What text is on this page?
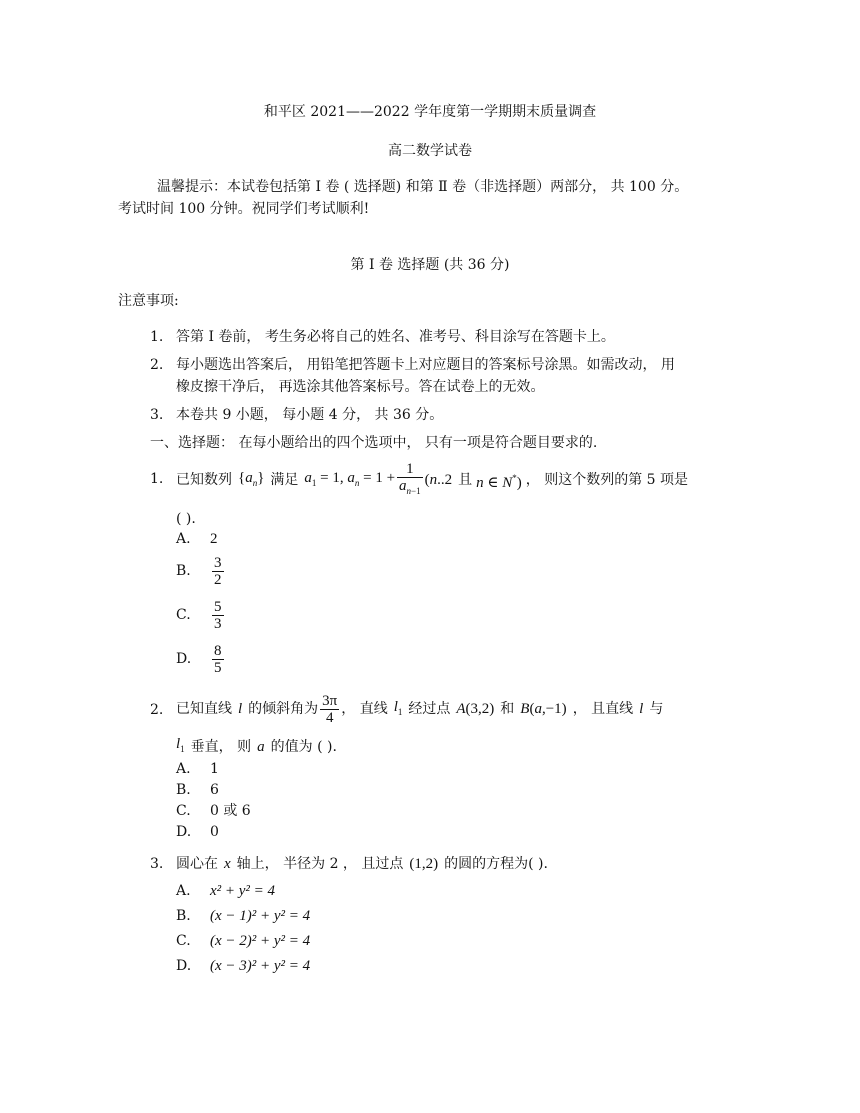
和平区 2021——2022 学年度第一学期期末质量调查
高二数学试卷
温馨提示：本试卷包括第 Ⅰ 卷 ( 选择题) 和第 Ⅱ 卷（非选择题）两部分， 共 100 分。
考试时间 100 分钟。祝同学们考试顺利!
第 Ⅰ 卷 选择题 (共 36 分)
注意事项:
1. 答第 Ⅰ 卷前， 考生务必将自己的姓名、准考号、科目涂写在答题卡上。
2. 每小题选出答案后， 用铅笔把答题卡上对应题目的答案标号涂黑。如需改动， 用
橡皮擦干净后， 再选涂其他答案标号。答在试卷上的无效。
3. 本卷共 9 小题， 每小题 4 分， 共 36 分。
一、选择题： 在每小题给出的四个选项中， 只有一项是符合题目要求的.
1. 已知数列 $\{a_n\}$ 满足 $a_1 = 1$, $a_n = 1 + \frac{1}{a_{n-1}} (n..2$ 且 n ∈ N*) ， 则这个数列的第 5 项是
( ).
A. 2
B.	$\frac{3}{2}$
C.	$\frac{5}{3}$
D.	$\frac{8}{5}$
2. 已知直线 l 的倾斜角为 $\frac{3\pi}{4}$ ， 直线 $l_1$ 经过点 A(3,2) 和 B(a,−1) ， 且直线 l 与
$l_1$ 垂直， 则 a 的值为 ( ).
A. 1
B. 6
C. 0 或 6
D. 0
3. 圆心在 x 轴上， 半径为 2 ， 且过点 (1,2) 的圆的方程为( ).
A. x² + y² = 4
B. (x − 1)² + y² = 4
C. (x − 2)² + y² = 4
D. (x − 3)² + y² = 4
